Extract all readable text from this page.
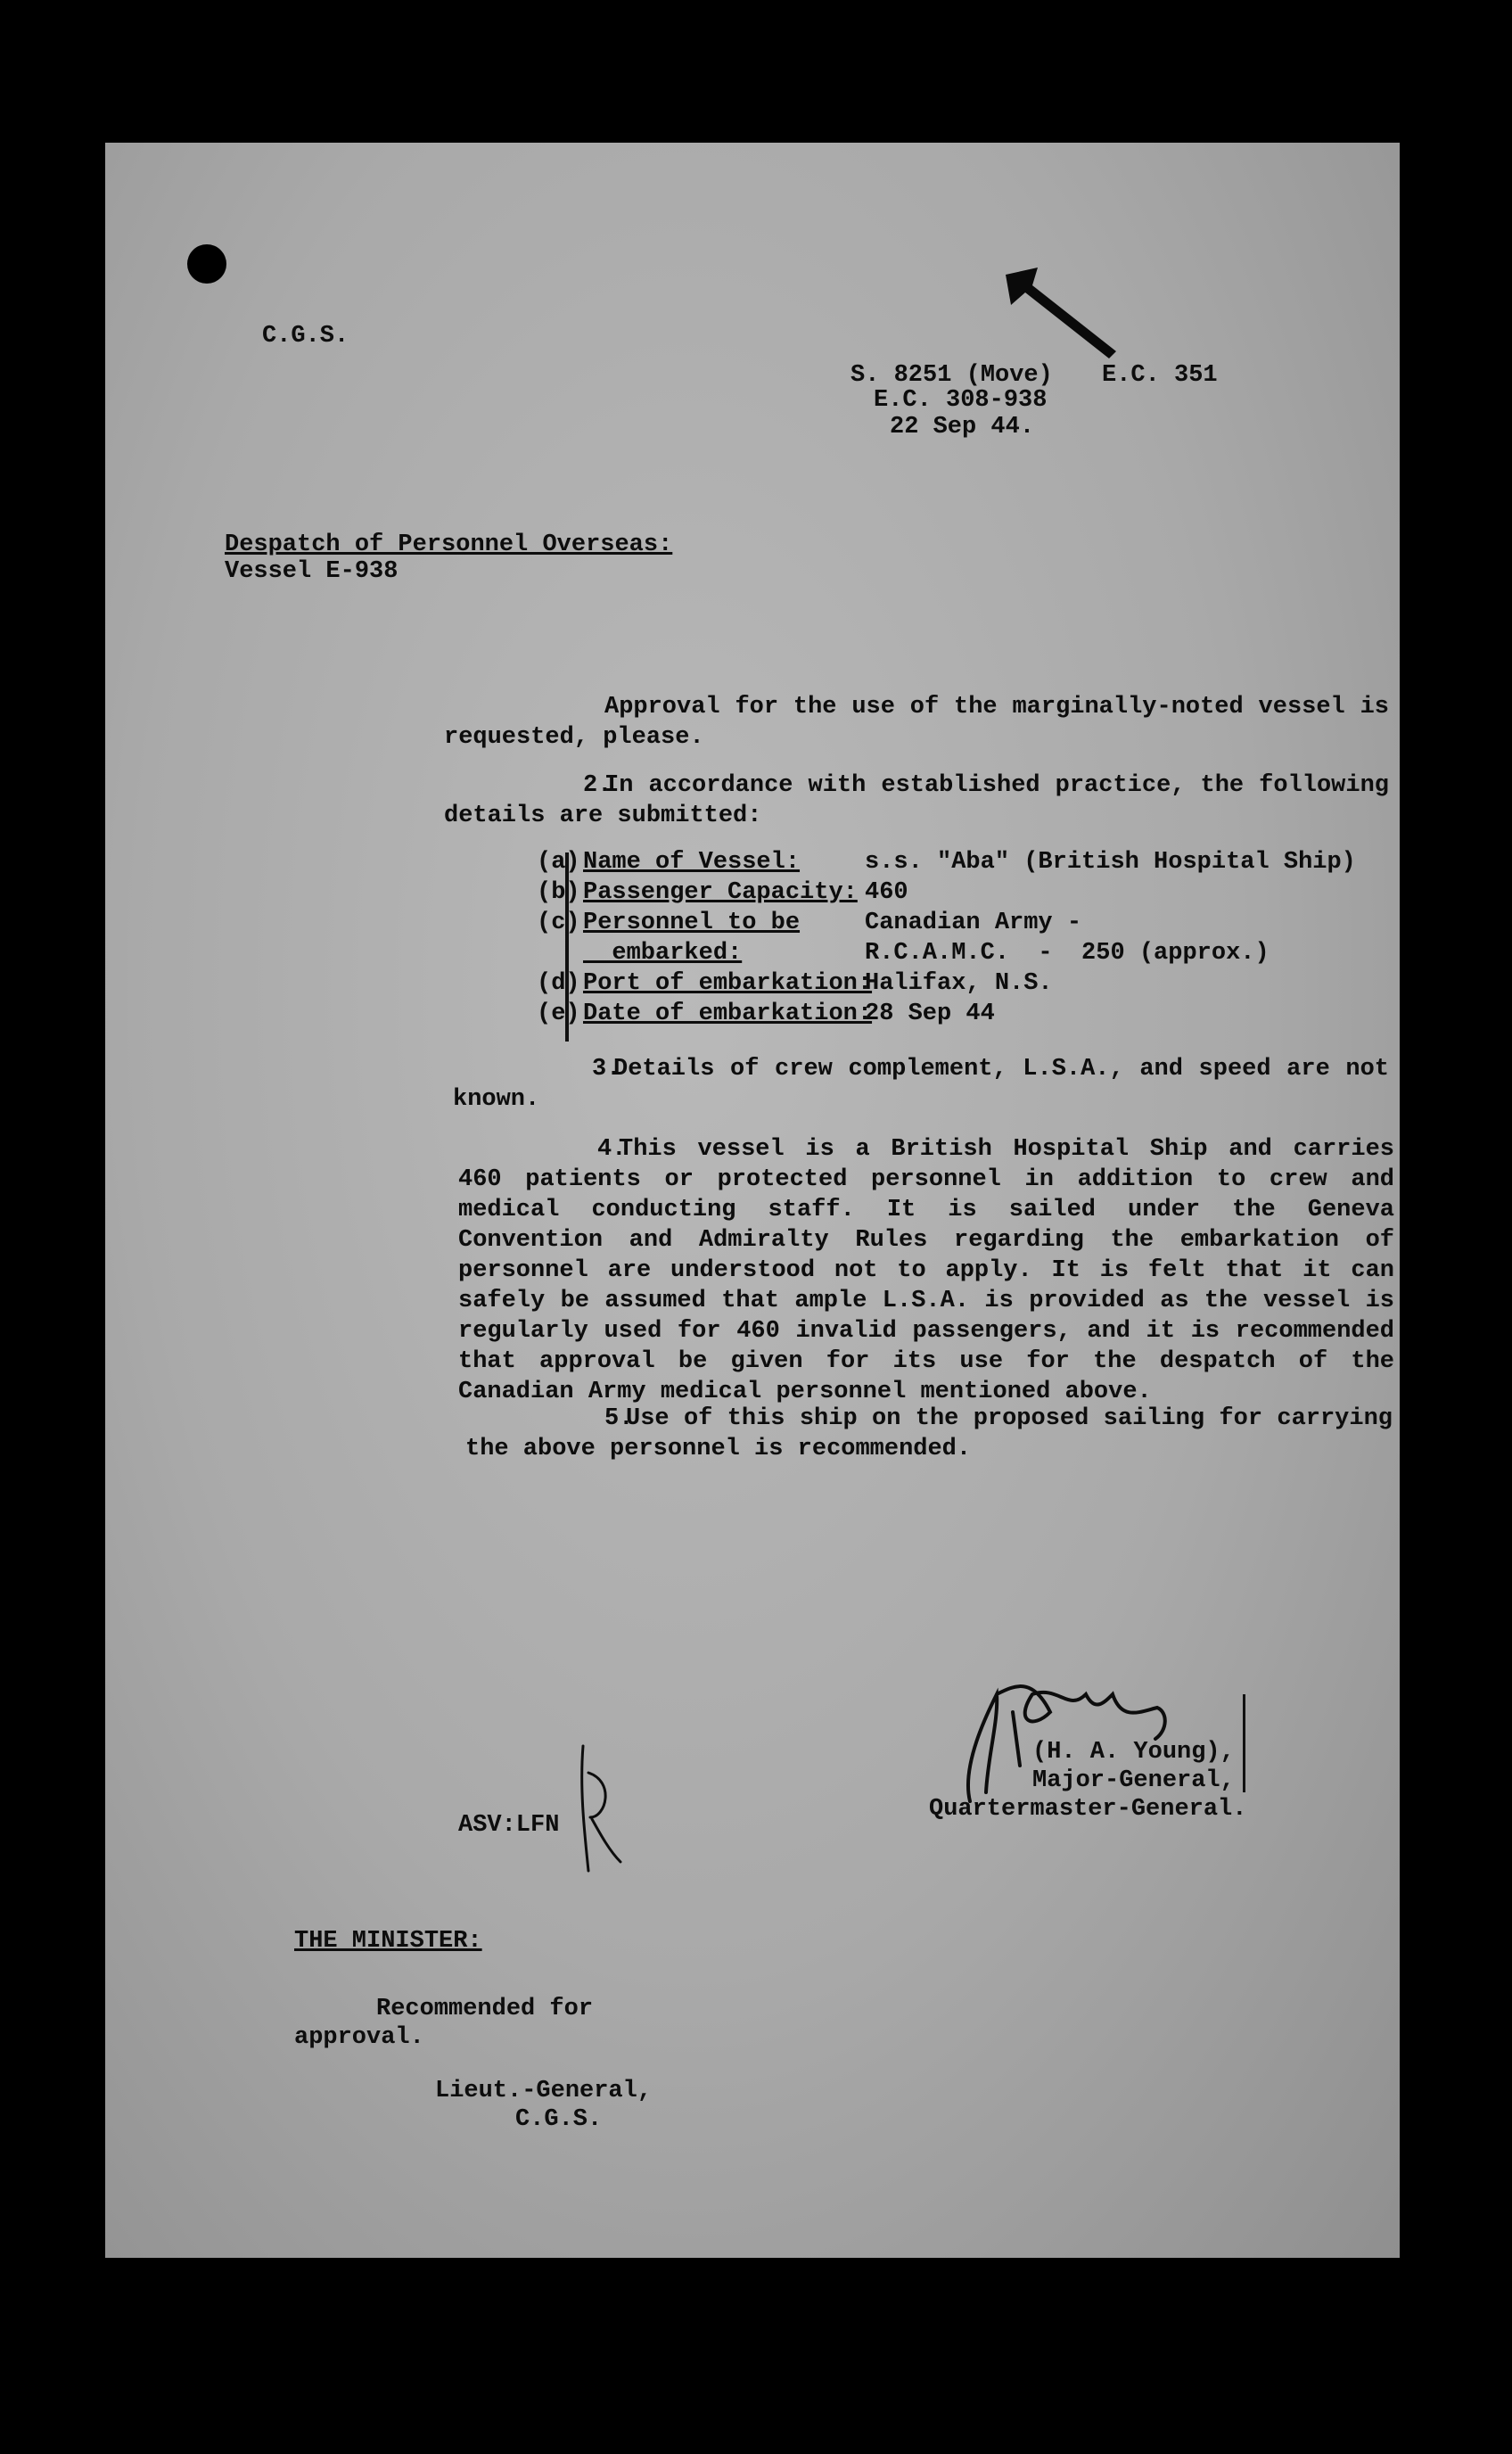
C.G.S.
S. 8251 (Move) E.C. 351
E.C. 308-938
22 Sep 44.
Despatch of Personnel Overseas:
Vessel E-938
Approval for the use of the marginally-noted vessel is requested, please.
2.
In accordance with established practice, the following details are submitted:
(a) Name of Vessel:	s.s. "Aba" (British Hospital Ship)
(b) Passenger Capacity: 460
(c) Personnel to be	Canadian Army -
embarked:	R.C.A.M.C.  -  250 (approx.)
(d) Port of embarkation:
Halifax, N.S.
(e) Date of embarkation:
28 Sep 44
3.
Details of crew complement, L.S.A., and speed are not known.
4.
This vessel is a British Hospital Ship and carries 460 patients or protected personnel in addition to crew and medical conducting staff. It is sailed under the Geneva Convention and Admiralty Rules regarding the embarkation of personnel are understood not to apply. It is felt that it can safely be assumed that ample L.S.A. is provided as the vessel is regularly used for 460 invalid passengers, and it is recommended that approval be given for its use for the despatch of the Canadian Army medical personnel mentioned above.
5.
Use of this ship on the proposed sailing for carrying the above personnel is recommended.
(H. A. Young),
Major-General,
Quartermaster-General.
ASV:LFN
THE MINISTER:
Recommended for
approval.
Lieut.-General,
C.G.S.
